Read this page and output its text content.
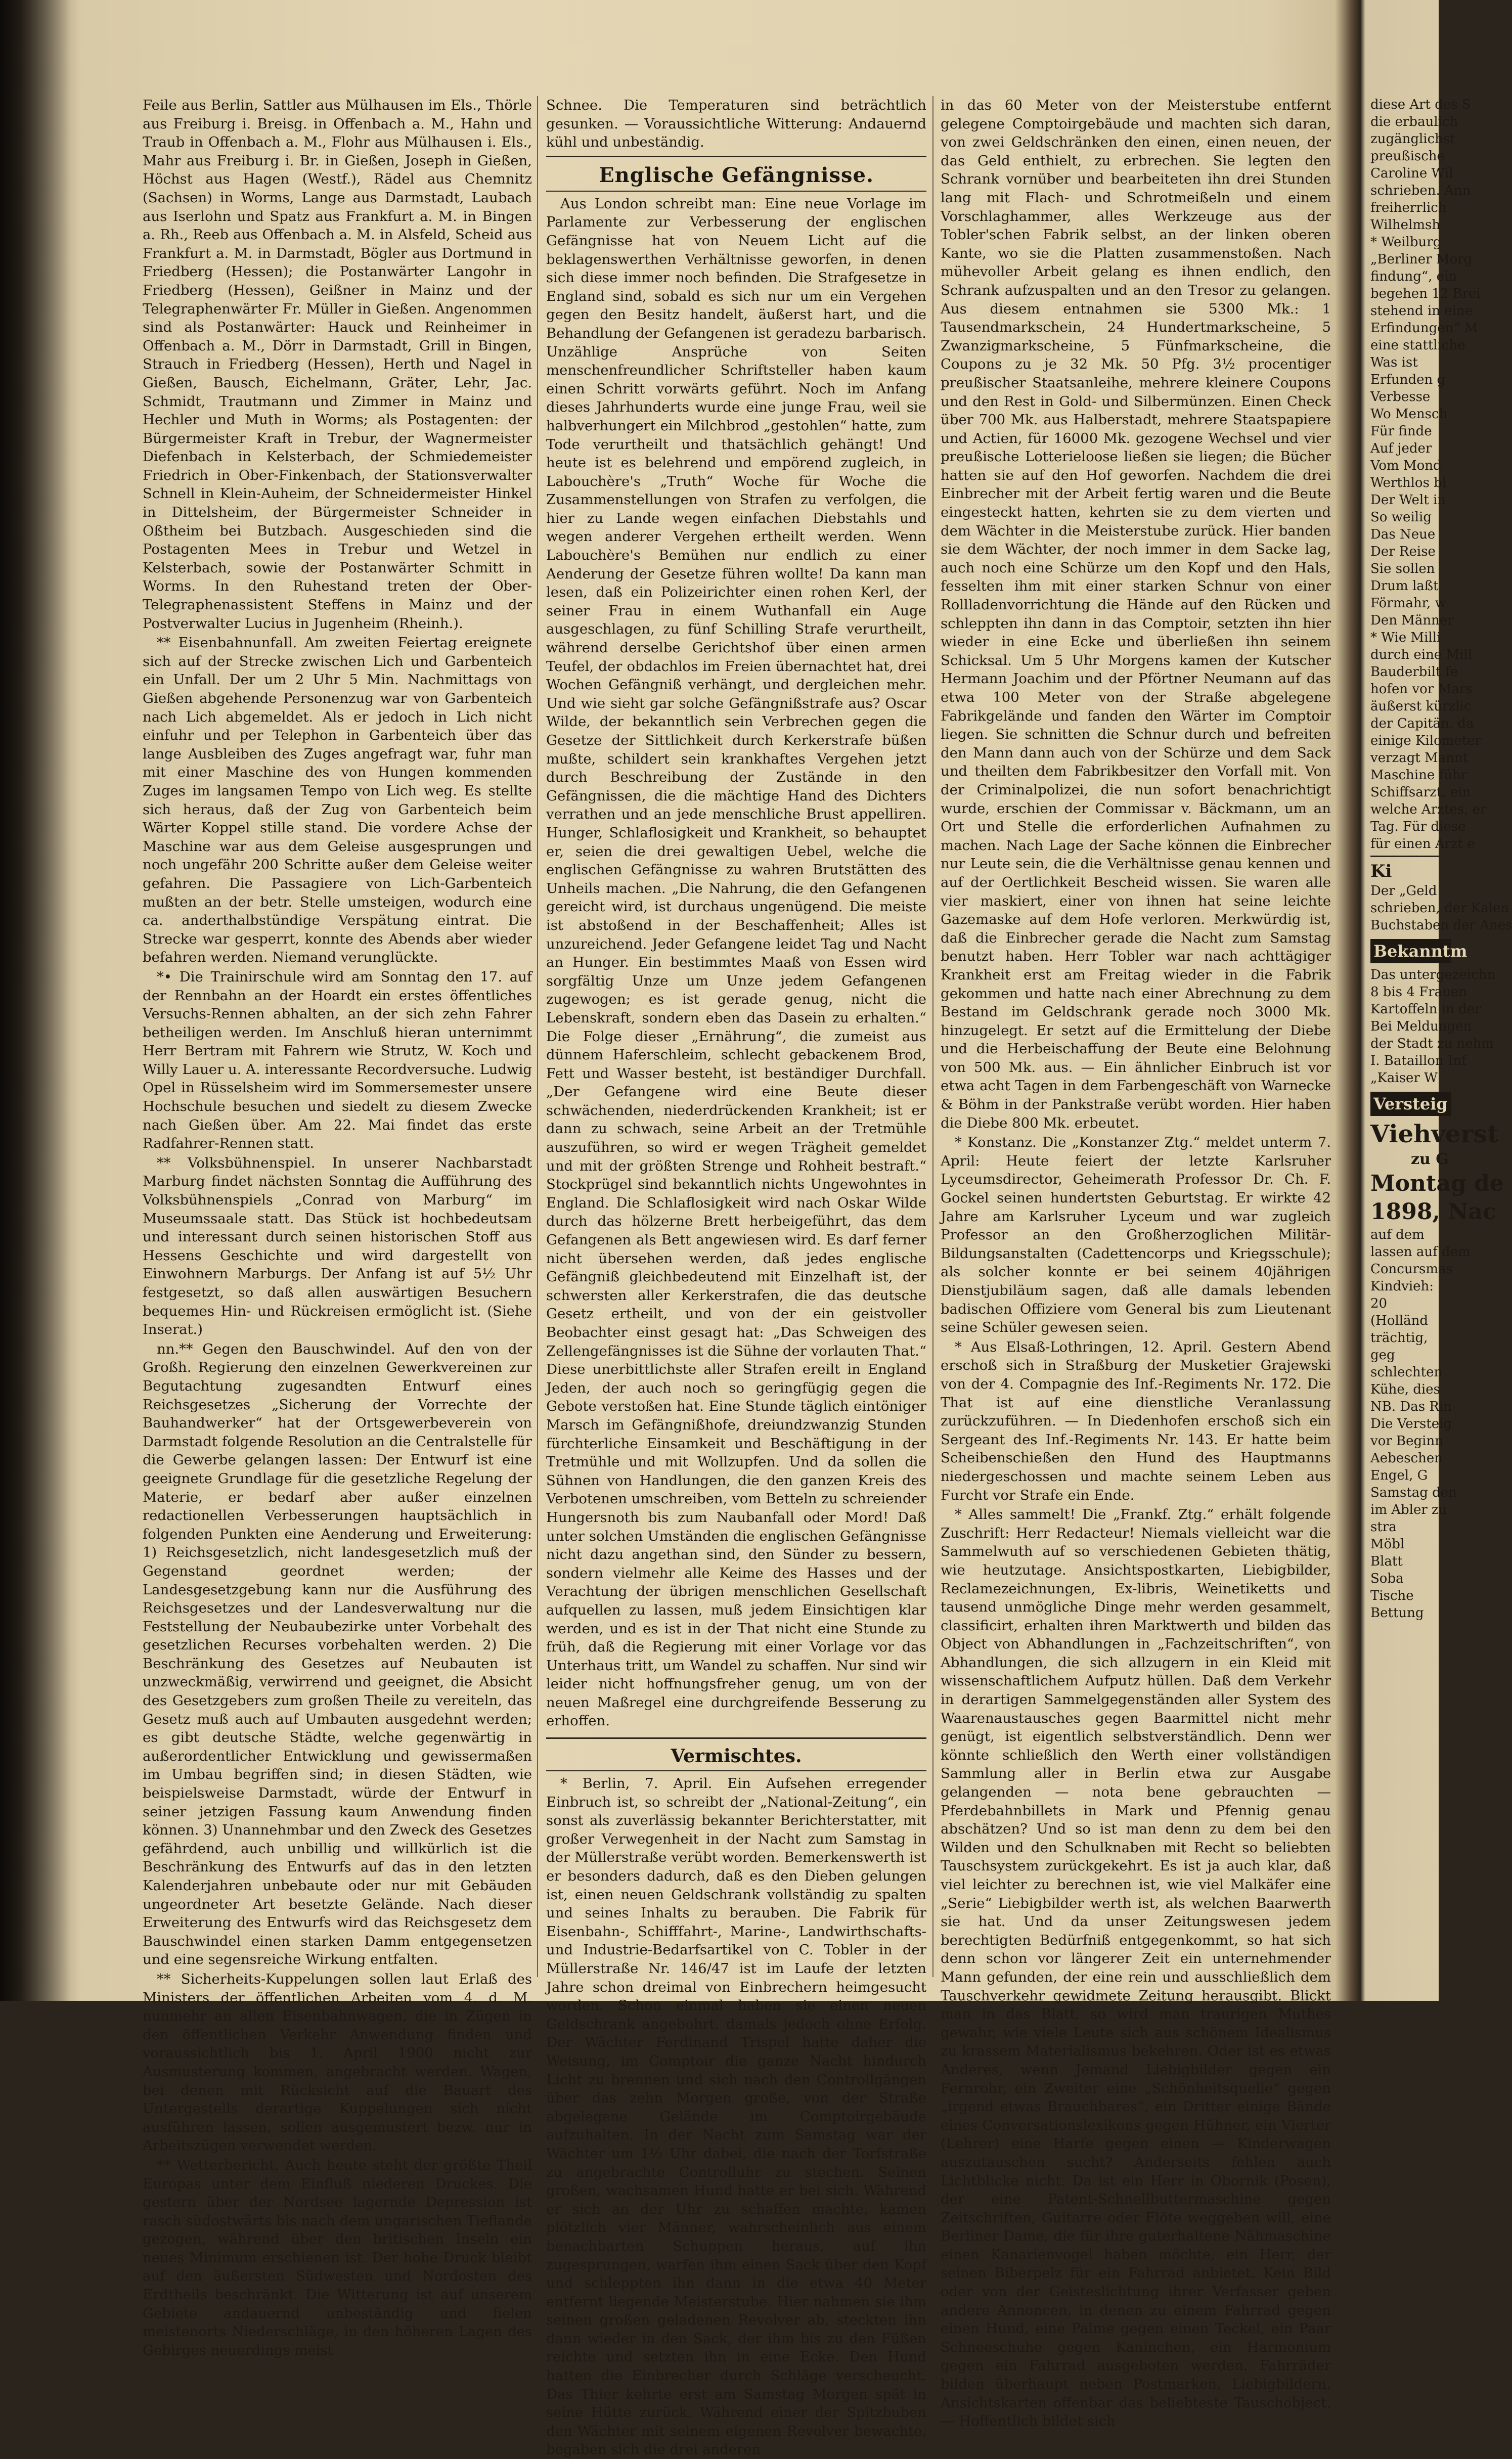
Feile aus Berlin, Sattler aus Mülhausen im Els., Thörle aus Freiburg i. Breisg. in Offenbach a. M., Hahn und Traub in Offenbach a. M., Flohr aus Mülhausen i. Els., Mahr aus Freiburg i. Br. in Gießen, Joseph in Gießen, Höchst aus Hagen (Westf.), Rädel aus Chemnitz (Sachsen) in Worms, Lange aus Darmstadt, Laubach aus Iserlohn und Spatz aus Frankfurt a. M. in Bingen a. Rh., Reeb aus Offenbach a. M. in Alsfeld, Scheid aus Frankfurt a. M. in Darmstadt, Bögler aus Dortmund in Friedberg (Hessen); die Postanwärter Langohr in Friedberg (Hessen), Geißner in Mainz und der Telegraphenwärter Fr. Müller in Gießen. Angenommen sind als Postanwärter: Hauck und Reinheimer in Offenbach a. M., Dörr in Darmstadt, Grill in Bingen, Strauch in Friedberg (Hessen), Herth und Nagel in Gießen, Bausch, Eichelmann, Gräter, Lehr, Jac. Schmidt, Trautmann und Zimmer in Mainz und Hechler und Muth in Worms; als Postagenten: der Bürgermeister Kraft in Trebur, der Wagnermeister Diefenbach in Kelsterbach, der Schmiedemeister Friedrich in Ober-Finkenbach, der Stationsverwalter Schnell in Klein-Auheim, der Schneidermeister Hinkel in Dittelsheim, der Bürgermeister Schneider in Oßtheim bei Butzbach. Ausgeschieden sind die Postagenten Mees in Trebur und Wetzel in Kelsterbach, sowie der Postanwärter Schmitt in Worms. In den Ruhestand treten der Ober-Telegraphenassistent Steffens in Mainz und der Postverwalter Lucius in Jugenheim (Rheinh.).

** Eisenbahnunfall. Am zweiten Feiertag ereignete sich auf der Strecke zwischen Lich und Garbenteich ein Unfall. Der um 2 Uhr 5 Min. Nachmittags von Gießen abgehende Personenzug war von Garbenteich nach Lich abgemeldet. Als er jedoch in Lich nicht einfuhr und per Telephon in Garbenteich über das lange Ausbleiben des Zuges angefragt war, fuhr man mit einer Maschine des von Hungen kommenden Zuges im langsamen Tempo von Lich weg. Es stellte sich heraus, daß der Zug von Garbenteich beim Wärter Koppel stille stand. Die vordere Achse der Maschine war aus dem Geleise ausgesprungen und noch ungefähr 200 Schritte außer dem Geleise weiter gefahren. Die Passagiere von Lich-Garbenteich mußten an der betr. Stelle umsteigen, wodurch eine ca. anderthalbstündige Verspätung eintrat. Die Strecke war gesperrt, konnte des Abends aber wieder befahren werden. Niemand verunglückte.

*• Die Trainirschule wird am Sonntag den 17. auf der Rennbahn an der Hoardt ein erstes öffentliches Versuchs-Rennen abhalten, an der sich zehn Fahrer betheiligen werden. Im Anschluß hieran unternimmt Herr Bertram mit Fahrern wie Strutz, W. Koch und Willy Lauer u. A. interessante Recordversuche. Ludwig Opel in Rüsselsheim wird im Sommersemester unsere Hochschule besuchen und siedelt zu diesem Zwecke nach Gießen über. Am 22. Mai findet das erste Radfahrer-Rennen statt.

** Volksbühnenspiel. In unserer Nachbarstadt Marburg findet nächsten Sonntag die Aufführung des Volksbühnenspiels „Conrad von Marburg“ im Museumssaale statt. Das Stück ist hochbedeutsam und interessant durch seinen historischen Stoff aus Hessens Geschichte und wird dargestellt von Einwohnern Marburgs. Der Anfang ist auf 5½ Uhr festgesetzt, so daß allen auswärtigen Besuchern bequemes Hin- und Rückreisen ermöglicht ist. (Siehe Inserat.)

nn.** Gegen den Bauschwindel. Auf den von der Großh. Regierung den einzelnen Gewerkvereinen zur Begutachtung zugesandten Entwurf eines Reichsgesetzes „Sicherung der Vorrechte der Bauhandwerker“ hat der Ortsgewerbeverein von Darmstadt folgende Resolution an die Centralstelle für die Gewerbe gelangen lassen: Der Entwurf ist eine geeignete Grundlage für die gesetzliche Regelung der Materie, er bedarf aber außer einzelnen redactionellen Verbesserungen hauptsächlich in folgenden Punkten eine Aenderung und Erweiterung: 1) Reichsgesetzlich, nicht landesgesetzlich muß der Gegenstand geordnet werden; der Landesgesetzgebung kann nur die Ausführung des Reichsgesetzes und der Landesverwaltung nur die Feststellung der Neubaubezirke unter Vorbehalt des gesetzlichen Recurses vorbehalten werden. 2) Die Beschränkung des Gesetzes auf Neubauten ist unzweckmäßig, verwirrend und geeignet, die Absicht des Gesetzgebers zum großen Theile zu vereiteln, das Gesetz muß auch auf Umbauten ausgedehnt werden; es gibt deutsche Städte, welche gegenwärtig in außerordentlicher Entwicklung und gewissermaßen im Umbau begriffen sind; in diesen Städten, wie beispielsweise Darmstadt, würde der Entwurf in seiner jetzigen Fassung kaum Anwendung finden können. 3) Unannehmbar und den Zweck des Gesetzes gefährdend, auch unbillig und willkürlich ist die Beschränkung des Entwurfs auf das in den letzten Kalenderjahren unbebaute oder nur mit Gebäuden ungeordneter Art besetzte Gelände. Nach dieser Erweiterung des Entwurfs wird das Reichsgesetz dem Bauschwindel einen starken Damm entgegensetzen und eine segensreiche Wirkung entfalten.

** Sicherheits-Kuppelungen sollen laut Erlaß des Ministers der öffentlichen Arbeiten vom 4. d. M. nunmehr an allen Eisenbahnwagen, die in Zügen in den öffentlichen Verkehr Anwendung finden und voraussichtlich bis 1. April 1900 nicht zur Ausmusterung kommen, angebracht werden. Wagen, bei denen mit Rücksicht auf die Bauart des Untergestells derartige Kuppelungen sich nicht ausführen lassen, sollen ausgemustert bezw. nur in Arbeitszügen verwendet werden.

** Wetterbericht. Auch heute steht der größte Theil Europas unter dem Einfluß niederen Druckes. Die gestern über der Nordsee lagernde Depression ist rasch südostwärts bis nach dem ungarischen Tieflande gezogen, während über den britischen Inseln ein neues Minimum erschienen ist. Der hohe Druck bleibt auf den äußersten Südwesten und Nordosten des Erdtheils beschränkt. Die Witterung ist auf unserem Gebiete andauernd unbeständig und fielen meistenorts Niederschläge, in den höheren Lagen des Gebirges neuerdings meist

Schnee. Die Temperaturen sind beträchtlich gesunken. — Voraussichtliche Witterung: Andauernd kühl und unbeständig.

Englische Gefängnisse.

Aus London schreibt man: Eine neue Vorlage im Parlamente zur Verbesserung der englischen Gefängnisse hat von Neuem Licht auf die beklagenswerthen Verhältnisse geworfen, in denen sich diese immer noch befinden. Die Strafgesetze in England sind, sobald es sich nur um ein Vergehen gegen den Besitz handelt, äußerst hart, und die Behandlung der Gefangenen ist geradezu barbarisch. Unzählige Ansprüche von Seiten menschenfreundlicher Schriftsteller haben kaum einen Schritt vorwärts geführt. Noch im Anfang dieses Jahrhunderts wurde eine junge Frau, weil sie halbverhungert ein Milchbrod „gestohlen“ hatte, zum Tode verurtheilt und thatsächlich gehängt! Und heute ist es belehrend und empörend zugleich, in Labouchère's „Truth“ Woche für Woche die Zusammenstellungen von Strafen zu verfolgen, die hier zu Lande wegen einfachen Diebstahls und wegen anderer Vergehen ertheilt werden. Wenn Labouchère's Bemühen nur endlich zu einer Aenderung der Gesetze führen wollte! Da kann man lesen, daß ein Polizeirichter einen rohen Kerl, der seiner Frau in einem Wuthanfall ein Auge ausgeschlagen, zu fünf Schilling Strafe verurtheilt, während derselbe Gerichtshof über einen armen Teufel, der obdachlos im Freien übernachtet hat, drei Wochen Gefängniß verhängt, und dergleichen mehr. Und wie sieht gar solche Gefängnißstrafe aus? Oscar Wilde, der bekanntlich sein Verbrechen gegen die Gesetze der Sittlichkeit durch Kerkerstrafe büßen mußte, schildert sein krankhaftes Vergehen jetzt durch Beschreibung der Zustände in den Gefängnissen, die die mächtige Hand des Dichters verrathen und an jede menschliche Brust appelliren. Hunger, Schlaflosigkeit und Krankheit, so behauptet er, seien die drei gewaltigen Uebel, welche die englischen Gefängnisse zu wahren Brutstätten des Unheils machen. „Die Nahrung, die den Gefangenen gereicht wird, ist durchaus ungenügend. Die meiste ist abstoßend in der Beschaffenheit; Alles ist unzureichend. Jeder Gefangene leidet Tag und Nacht an Hunger. Ein bestimmtes Maaß von Essen wird sorgfältig Unze um Unze jedem Gefangenen zugewogen; es ist gerade genug, nicht die Lebenskraft, sondern eben das Dasein zu erhalten.“ Die Folge dieser „Ernährung“, die zumeist aus dünnem Haferschleim, schlecht gebackenem Brod, Fett und Wasser besteht, ist beständiger Durchfall. „Der Gefangene wird eine Beute dieser schwächenden, niederdrückenden Krankheit; ist er dann zu schwach, seine Arbeit an der Tretmühle auszuführen, so wird er wegen Trägheit gemeldet und mit der größten Strenge und Rohheit bestraft.“ Stockprügel sind bekanntlich nichts Ungewohntes in England. Die Schlaflosigkeit wird nach Oskar Wilde durch das hölzerne Brett herbeigeführt, das dem Gefangenen als Bett angewiesen wird. Es darf ferner nicht übersehen werden, daß jedes englische Gefängniß gleichbedeutend mit Einzelhaft ist, der schwersten aller Kerkerstrafen, die das deutsche Gesetz ertheilt, und von der ein geistvoller Beobachter einst gesagt hat: „Das Schweigen des Zellengefängnisses ist die Sühne der vorlauten That.“ Diese unerbittlichste aller Strafen ereilt in England Jeden, der auch noch so geringfügig gegen die Gebote verstoßen hat. Eine Stunde täglich eintöniger Marsch im Gefängnißhofe, dreiundzwanzig Stunden fürchterliche Einsamkeit und Beschäftigung in der Tretmühle und mit Wollzupfen. Und da sollen die Sühnen von Handlungen, die den ganzen Kreis des Verbotenen umschreiben, vom Betteln zu schreiender Hungersnoth bis zum Naubanfall oder Mord! Daß unter solchen Umständen die englischen Gefängnisse nicht dazu angethan sind, den Sünder zu bessern, sondern vielmehr alle Keime des Hasses und der Verachtung der übrigen menschlichen Gesellschaft aufquellen zu lassen, muß jedem Einsichtigen klar werden, und es ist in der That nicht eine Stunde zu früh, daß die Regierung mit einer Vorlage vor das Unterhaus tritt, um Wandel zu schaffen. Nur sind wir leider nicht hoffnungsfreher genug, um von der neuen Maßregel eine durchgreifende Besserung zu erhoffen.

Vermischtes.

* Berlin, 7. April. Ein Aufsehen erregender Einbruch ist, so schreibt der „National-Zeitung“, ein sonst als zuverlässig bekannter Berichterstatter, mit großer Verwegenheit in der Nacht zum Samstag in der Müllerstraße verübt worden. Bemerkenswerth ist er besonders dadurch, daß es den Dieben gelungen ist, einen neuen Geldschrank vollständig zu spalten und seines Inhalts zu berauben. Die Fabrik für Eisenbahn-, Schifffahrt-, Marine-, Landwirthschafts- und Industrie-Bedarfsartikel von C. Tobler in der Müllerstraße Nr. 146/47 ist im Laufe der letzten Jahre schon dreimal von Einbrechern heimgesucht worden. Schon einmal haben sie einen neuen Geldschrank angebohrt, damals jedoch ohne Erfolg. Der Wächter Ferdinand Trispel hatte daher die Weisung, im Comptoir die ganze Nacht hindurch Licht zu brennen und sich nach den Controllgängen über das zehn Morgen große, von der Straße abgelegene Gelände im Comptoirgebäude aufzuhalten. In der Nacht zum Samstag war der Wächter um 1½ Uhr dabei, die nach der Torfstraße zu angebrachte Controlluhr zu stechen. Seinen großen, wachsamen Hund hatte er bei sich. Während er sich an der Uhr zu schaffen machte, kamen plötzlich vier Männer, wahrscheinlich aus einem benachbarten Schuppen heraus, auf ihn zugesprungen, warfen ihm einen Sack über den Kopf und schleppten ihn dann in die etwa 40 Meter entfernt liegende Meisterstube. Hier nahmen sie ihm seinen großen geladenen Revolver ab, steckten ihn dann wieder in den Sack, der ihm bis zu den Füßen reichte und setzten ihn in eine Ecke. Den Hund hatten die Einbrecher durch Schläge verscheucht. Das Thier kehrte erst am Samstag Morgen spät in seine Hütte zurück. Während einer der Spitzbuben den Wächter mit seinem eigenen Revolver bewachte, begaben sich die drei anderen

in das 60 Meter von der Meisterstube entfernt gelegene Comptoirgebäude und machten sich daran, von zwei Geldschränken den einen, einen neuen, der das Geld enthielt, zu erbrechen. Sie legten den Schrank vornüber und bearbeiteten ihn drei Stunden lang mit Flach- und Schrotmeißeln und einem Vorschlaghammer, alles Werkzeuge aus der Tobler'schen Fabrik selbst, an der linken oberen Kante, wo sie die Platten zusammenstoßen. Nach mühevoller Arbeit gelang es ihnen endlich, den Schrank aufzuspalten und an den Tresor zu gelangen. Aus diesem entnahmen sie 5300 Mk.: 1 Tausendmarkschein, 24 Hundertmarkscheine, 5 Zwanzigmarkscheine, 5 Fünfmarkscheine, die Coupons zu je 32 Mk. 50 Pfg. 3½ procentiger preußischer Staatsanleihe, mehrere kleinere Coupons und den Rest in Gold- und Silbermünzen. Einen Check über 700 Mk. aus Halberstadt, mehrere Staatspapiere und Actien, für 16000 Mk. gezogene Wechsel und vier preußische Lotterieloose ließen sie liegen; die Bücher hatten sie auf den Hof geworfen. Nachdem die drei Einbrecher mit der Arbeit fertig waren und die Beute eingesteckt hatten, kehrten sie zu dem vierten und dem Wächter in die Meisterstube zurück. Hier banden sie dem Wächter, der noch immer in dem Sacke lag, auch noch eine Schürze um den Kopf und den Hals, fesselten ihm mit einer starken Schnur von einer Rollladenvorrichtung die Hände auf den Rücken und schleppten ihn dann in das Comptoir, setzten ihn hier wieder in eine Ecke und überließen ihn seinem Schicksal. Um 5 Uhr Morgens kamen der Kutscher Hermann Joachim und der Pförtner Neumann auf das etwa 100 Meter von der Straße abgelegene Fabrikgelände und fanden den Wärter im Comptoir liegen. Sie schnitten die Schnur durch und befreiten den Mann dann auch von der Schürze und dem Sack und theilten dem Fabrikbesitzer den Vorfall mit. Von der Criminalpolizei, die nun sofort benachrichtigt wurde, erschien der Commissar v. Bäckmann, um an Ort und Stelle die erforderlichen Aufnahmen zu machen. Nach Lage der Sache können die Einbrecher nur Leute sein, die die Verhältnisse genau kennen und auf der Oertlichkeit Bescheid wissen. Sie waren alle vier maskiert, einer von ihnen hat seine leichte Gazemaske auf dem Hofe verloren. Merkwürdig ist, daß die Einbrecher gerade die Nacht zum Samstag benutzt haben. Herr Tobler war nach achttägiger Krankheit erst am Freitag wieder in die Fabrik gekommen und hatte nach einer Abrechnung zu dem Bestand im Geldschrank gerade noch 3000 Mk. hinzugelegt. Er setzt auf die Ermittelung der Diebe und die Herbeischaffung der Beute eine Belohnung von 500 Mk. aus. — Ein ähnlicher Einbruch ist vor etwa acht Tagen in dem Farbengeschäft von Warnecke & Böhm in der Pankstraße verübt worden. Hier haben die Diebe 800 Mk. erbeutet.

* Konstanz. Die „Konstanzer Ztg.“ meldet unterm 7. April: Heute feiert der letzte Karlsruher Lyceumsdirector, Geheimerath Professor Dr. Ch. F. Gockel seinen hundertsten Geburtstag. Er wirkte 42 Jahre am Karlsruher Lyceum und war zugleich Professor an den Großherzoglichen Militär-Bildungsanstalten (Cadettencorps und Kriegsschule); als solcher konnte er bei seinem 40jährigen Dienstjubiläum sagen, daß alle damals lebenden badischen Offiziere vom General bis zum Lieutenant seine Schüler gewesen seien.

* Aus Elsaß-Lothringen, 12. April. Gestern Abend erschoß sich in Straßburg der Musketier Grajewski von der 4. Compagnie des Inf.-Regiments Nr. 172. Die That ist auf eine dienstliche Veranlassung zurückzuführen. — In Diedenhofen erschoß sich ein Sergeant des Inf.-Regiments Nr. 143. Er hatte beim Scheibenschießen den Hund des Hauptmanns niedergeschossen und machte seinem Leben aus Furcht vor Strafe ein Ende.

* Alles sammelt! Die „Frankf. Ztg.“ erhält folgende Zuschrift: Herr Redacteur! Niemals vielleicht war die Sammelwuth auf so verschiedenen Gebieten thätig, wie heutzutage. Ansichtspostkarten, Liebigbilder, Reclamezeichnungen, Ex-libris, Weinetiketts und tausend unmögliche Dinge mehr werden gesammelt, classificirt, erhalten ihren Marktwerth und bilden das Object von Abhandlungen in „Fachzeitschriften“, von Abhandlungen, die sich allzugern in ein Kleid mit wissenschaftlichem Aufputz hüllen. Daß dem Verkehr in derartigen Sammelgegenständen aller System des Waarenaustausches gegen Baarmittel nicht mehr genügt, ist eigentlich selbstverständlich. Denn wer könnte schließlich den Werth einer vollständigen Sammlung aller in Berlin etwa zur Ausgabe gelangenden — nota bene gebrauchten — Pferdebahnbillets in Mark und Pfennig genau abschätzen? Und so ist man denn zu dem bei den Wilden und den Schulknaben mit Recht so beliebten Tauschsystem zurückgekehrt. Es ist ja auch klar, daß viel leichter zu berechnen ist, wie viel Malkäfer eine „Serie“ Liebigbilder werth ist, als welchen Baarwerth sie hat. Und da unser Zeitungswesen jedem berechtigten Bedürfniß entgegenkommt, so hat sich denn schon vor längerer Zeit ein unternehmender Mann gefunden, der eine rein und ausschließlich dem Tauschverkehr gewidmete Zeitung herausgibt. Blickt man in das Blatt, so wird man traurigen Muthes gewahr, wie viele Leute sich aus schönem Idealismus zu krassem Materialismus bekehren. Oder ist es etwas Anderes, wenn Jemand Liebigbilder gegen ein Fernrohr, ein Zweiter eine „Schönheitsquelle“ gegen „irgend etwas Brauchbares“, ein Dritter einige Bände eines Conversationslexikons gegen Hühner, ein Vierter (Lehrer) eine Harfe gegen einen — Kinderwagen auszutauschen sucht? Anderseits fehlen auch Lichtblicke nicht. Da ist ein Herr in Obornik (Posen), der eine Patent-Schnellbuttermaschine gegen Zeitschriften, Guitarre oder Flöte weggeben will, eine Berliner Dame, die für ihre guterhaltene Nähmaschine einen Kanarienvogel haben möchte, ein Herr, der seinen Biberpelz für ein Fahrrad anbietet. Kein Bild oder von der Geisteslichtung ihrer Verfasser geben andere Annoncen, in denen zu einem Fahrrad gegen einen Hund, eine Palme gegen einen Teckel, ein Paar Schneeschuhe gegen Kaninchen, ein Harmonium gegen ein Fahrrad ausgeboten werden. Fahrräder bilden überhaupt neben Postmarken, Liebigbildern, Ansichtskarten offenbar das beliebteste Tauschobject. — Hoffentlich bildet sich

diese Art des S
die erbaulich
zugänglichst
preußische
Caroline Wil
schrieben. Ann
freiherrlich
Wilhelmsh
* Weilburg
„Berliner Morg
findung“, ein
begehen 12 Brei
stehend in eine
Erfindungen“ M
eine stattliche
Was ist
Erfunden g
Verbesse
Wo Mensch
Für finde
Auf jeder
Vom Mond
Werthlos bl
Der Welt in
So weilig
Das Neue
Der Reise
Sie sollen
Drum laßt
Förmahr, w
Den Männer
* Wie Milli
durch eine Mill
Bauderbilt fe
hofen vor Mars
äußerst kürzlic
der Capitän, da
einige Kilometer
verzagt Mannt
Maschine führ
Schiffsarzt, ein
welche Arztes, er
Tag. Für diese
für einen Arzt e
Ki
Der „Geld
schrieben, der Kalen
Buchstaben der Anes
Bekanntm
Das untergezeichn
8 bis 4 Frauen
Kartoffeln in der
Bei Meldungen
der Stadt zu nehm
I. Bataillon Inf
„Kaiser W
Versteig
Viehverst
zu G
Montag de
1898, Nac
auf dem
lassen auf dem
Concursmas
Kindvieh:
20
(Holländ
trächtig,
geg
schlechten
Kühe, dies
NB. Das Rin
Die Versteig
vor Beginn
Aebeschen
Engel, G
Samstag den
im Abler zu
stra
Möbl
Blatt
Soba
Tische
Bettung
